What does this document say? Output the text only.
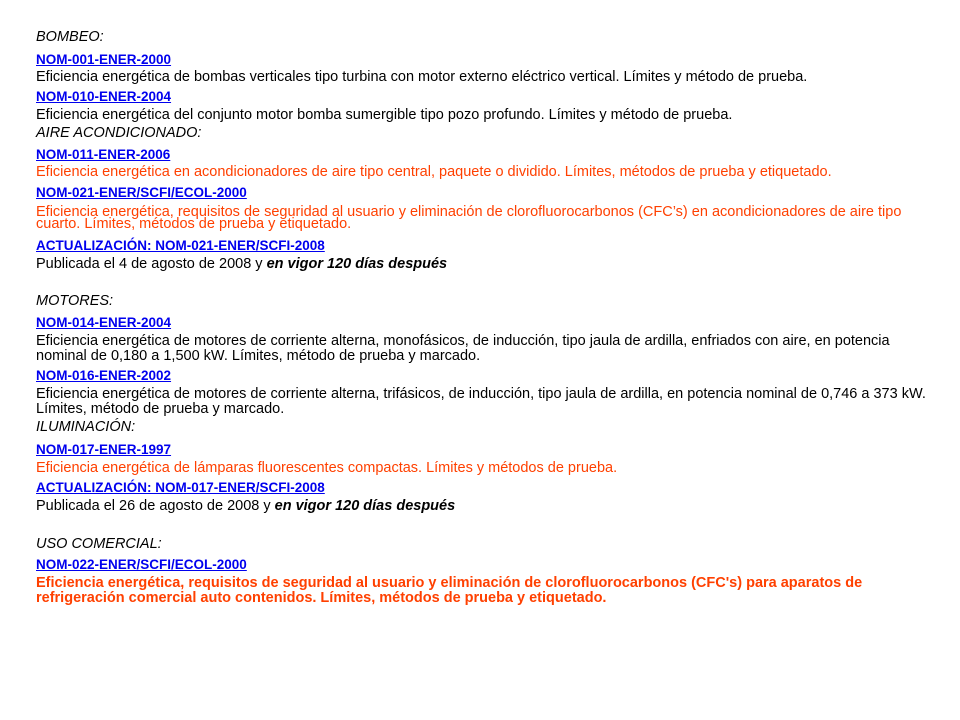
BOMBEO:
NOM-001-ENER-2000
Eficiencia energética de bombas verticales tipo turbina con motor externo eléctrico vertical. Límites y método de prueba.
NOM-010-ENER-2004
Eficiencia energética del conjunto motor bomba sumergible tipo pozo profundo. Límites y método de prueba.
AIRE ACONDICIONADO:
NOM-011-ENER-2006
Eficiencia energética en acondicionadores de aire tipo central, paquete o dividido. Límites, métodos de prueba y etiquetado.
NOM-021-ENER/SCFI/ECOL-2000
Eficiencia energética, requisitos de seguridad al usuario y eliminación de clorofluorocarbonos (CFC’s) en acondicionadores de aire tipo cuarto. Límites, métodos de prueba y etiquetado.
ACTUALIZACIÓN: NOM-021-ENER/SCFI-2008
Publicada el 4 de agosto de 2008 y en vigor 120 días después
MOTORES:
NOM-014-ENER-2004
Eficiencia energética de motores de corriente alterna, monofásicos, de inducción, tipo jaula de ardilla, enfriados con aire, en potencia nominal de 0,180 a 1,500 kW. Límites, método de prueba y marcado.
NOM-016-ENER-2002
Eficiencia energética de motores de corriente alterna, trifásicos, de inducción, tipo jaula de ardilla, en potencia nominal de 0,746 a 373 kW. Límites, método de prueba y marcado.
ILUMINACIÓN:
NOM-017-ENER-1997
Eficiencia energética de lámparas fluorescentes compactas. Límites y métodos de prueba.
ACTUALIZACIÓN: NOM-017-ENER/SCFI-2008
Publicada el 26 de agosto de 2008 y en vigor 120 días después
USO COMERCIAL:
NOM-022-ENER/SCFI/ECOL-2000
Eficiencia energética, requisitos de seguridad al usuario y eliminación de clorofluorocarbonos (CFC's) para aparatos de refrigeración comercial auto contenidos. Límites, métodos de prueba y etiquetado.
